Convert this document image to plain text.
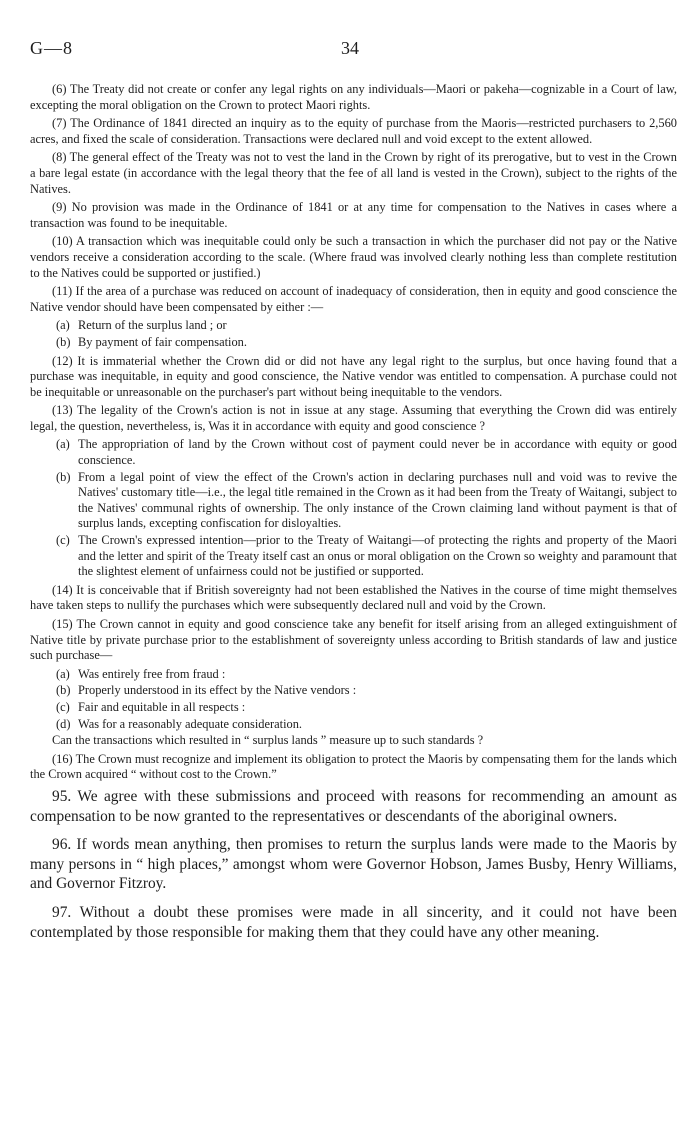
G—8	34

(6) The Treaty did not create or confer any legal rights on any individuals—Maori or pakeha—cognizable in a Court of law, excepting the moral obligation on the Crown to protect Maori rights.

(7) The Ordinance of 1841 directed an inquiry as to the equity of purchase from the Maoris—restricted purchasers to 2,560 acres, and fixed the scale of consideration. Transactions were declared null and void except to the extent allowed.

(8) The general effect of the Treaty was not to vest the land in the Crown by right of its prerogative, but to vest in the Crown a bare legal estate (in accordance with the legal theory that the fee of all land is vested in the Crown), subject to the rights of the Natives.

(9) No provision was made in the Ordinance of 1841 or at any time for compensation to the Natives in cases where a transaction was found to be inequitable.

(10) A transaction which was inequitable could only be such a transaction in which the purchaser did not pay or the Native vendors receive a consideration according to the scale. (Where fraud was involved clearly nothing less than complete restitution to the Natives could be supported or justified.)

(11) If the area of a purchase was reduced on account of inadequacy of consideration, then in equity and good conscience the Native vendor should have been compensated by either :—

(a) Return of the surplus land ; or
(b) By payment of fair compensation.

(12) It is immaterial whether the Crown did or did not have any legal right to the surplus, but once having found that a purchase was inequitable, in equity and good conscience, the Native vendor was entitled to compensation. A purchase could not be inequitable or unreasonable on the purchaser's part without being inequitable to the vendors.

(13) The legality of the Crown's action is not in issue at any stage. Assuming that everything the Crown did was entirely legal, the question, nevertheless, is, Was it in accordance with equity and good conscience ?

(a) The appropriation of land by the Crown without cost of payment could never be in accordance with equity or good conscience.
(b) From a legal point of view the effect of the Crown's action in declaring purchases null and void was to revive the Natives' customary title—i.e., the legal title remained in the Crown as it had been from the Treaty of Waitangi, subject to the Natives' communal rights of ownership. The only instance of the Crown claiming land without payment is that of surplus lands, excepting confiscation for disloyalties.
(c) The Crown's expressed intention—prior to the Treaty of Waitangi—of protecting the rights and property of the Maori and the letter and spirit of the Treaty itself cast an onus or moral obligation on the Crown so weighty and paramount that the slightest element of unfairness could not be justified or supported.

(14) It is conceivable that if British sovereignty had not been established the Natives in the course of time might themselves have taken steps to nullify the purchases which were subsequently declared null and void by the Crown.

(15) The Crown cannot in equity and good conscience take any benefit for itself arising from an alleged extinguishment of Native title by private purchase prior to the establishment of sovereignty unless according to British standards of law and justice such purchase—

(a) Was entirely free from fraud :
(b) Properly understood in its effect by the Native vendors :
(c) Fair and equitable in all respects :
(d) Was for a reasonably adequate consideration.

Can the transactions which resulted in “ surplus lands ” measure up to such standards ?

(16) The Crown must recognize and implement its obligation to protect the Maoris by compensating them for the lands which the Crown acquired “ without cost to the Crown.”

95. We agree with these submissions and proceed with reasons for recommending an amount as compensation to be now granted to the representatives or descendants of the aboriginal owners.

96. If words mean anything, then promises to return the surplus lands were made to the Maoris by many persons in “ high places,” amongst whom were Governor Hobson, James Busby, Henry Williams, and Governor Fitzroy.

97. Without a doubt these promises were made in all sincerity, and it could not have been contemplated by those responsible for making them that they could have any other meaning.
